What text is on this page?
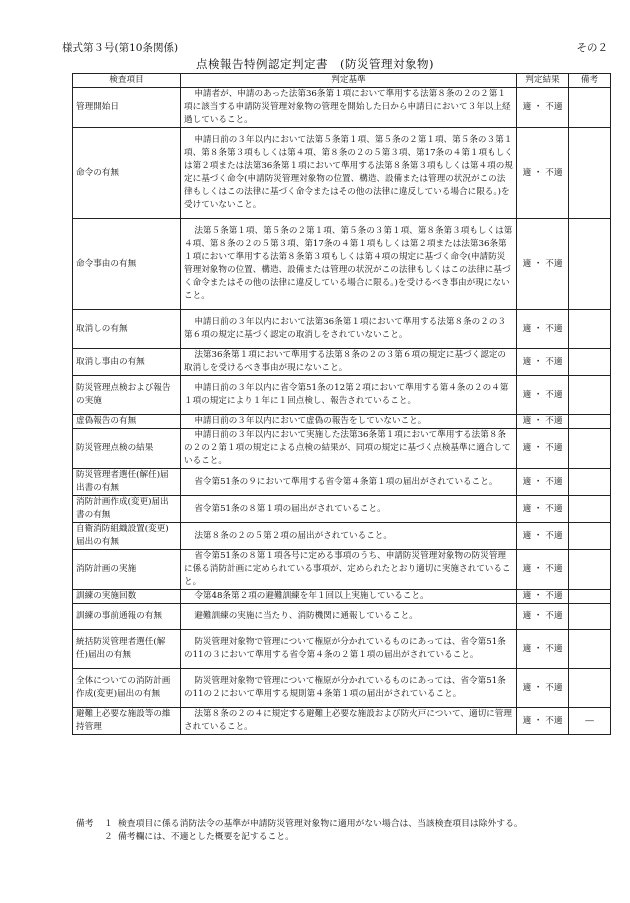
様式第３号(第10条関係)	その２
点検報告特例認定判定書　(防災管理対象物)
検査項目	判定基準	判定結果	備考
管理開始日	申請者が、申請のあった法第36条第１項において準用する法第８条の２の２第１項に該当する申請防災管理対象物の管理を開始した日から申請日において３年以上経過していること。	適 ・ 不適	
命令の有無	申請日前の３年以内において法第５条第１項、第５条の２第１項、第５条の３第１項、第８条第３項もしくは第４項、第８条の２の５第３項、第17条の４第１項もしくは第２項または法第36条第１項において準用する法第８条第３項もしくは第４項の規定に基づく命令(申請防災管理対象物の位置、構造、設備または管理の状況がこの法律もしくはこの法律に基づく命令またはその他の法律に違反している場合に限る。)を受けていないこと。	適 ・ 不適	
命令事由の有無	法第５条第１項、第５条の２第１項、第５条の３第１項、第８条第３項もしくは第４項、第８条の２の５第３項、第17条の４第１項もしくは第２項または法第36条第１項において準用する法第８条第３項もしくは第４項の規定に基づく命令(申請防災管理対象物の位置、構造、設備または管理の状況がこの法律もしくはこの法律に基づく命令またはその他の法律に違反している場合に限る。)を受けるべき事由が現にないこと。	適 ・ 不適	
取消しの有無	申請日前の３年以内において法第36条第１項において準用する法第８条の２の３第６項の規定に基づく認定の取消しをされていないこと。	適 ・ 不適	
取消し事由の有無	法第36条第１項において準用する法第８条の２の３第６項の規定に基づく認定の取消しを受けるべき事由が現にないこと。	適 ・ 不適	
防災管理点検および報告の実施	申請日前の３年以内に省令第51条の12第２項において準用する第４条の２の４第１項の規定により１年に１回点検し、報告されていること。	適 ・ 不適	
虚偽報告の有無	申請日前の３年以内において虚偽の報告をしていないこと。	適 ・ 不適	
防災管理点検の結果	申請日前の３年以内において実施した法第36条第１項において準用する法第８条の２の２第１項の規定による点検の結果が、同項の規定に基づく点検基準に適合していること。	適 ・ 不適	
防災管理者選任(解任)届出書の有無	省令第51条の９において準用する省令第４条第１項の届出がされていること。	適 ・ 不適	
消防計画作成(変更)届出書の有無	省令第51条の８第１項の届出がされていること。	適 ・ 不適	
自衛消防組織設置(変更)届出の有無	法第８条の２の５第２項の届出がされていること。	適 ・ 不適	
消防計画の実施	省令第51条の８第１項各号に定める事項のうち、申請防災管理対象物の防災管理に係る消防計画に定められている事項が、定められたとおり適切に実施されていること。	適 ・ 不適	
訓練の実施回数	令第48条第２項の避難訓練を年１回以上実施していること。	適 ・ 不適	
訓練の事前通報の有無	避難訓練の実施に当たり、消防機関に通報していること。	適 ・ 不適	
統括防災管理者選任(解任)届出の有無	防災管理対象物で管理について権原が分かれているものにあっては、省令第51条の11の３において準用する省令第４条の２第１項の届出がされていること。	適 ・ 不適	
全体についての消防計画作成(変更)届出の有無	防災管理対象物で管理について権原が分かれているものにあっては、省令第51条の11の２において準用する規則第４条第１項の届出がされていること。	適 ・ 不適	
避難上必要な施設等の維持管理	法第８条の２の４に規定する避難上必要な施設および防火戸について、適切に管理されていること。	適 ・ 不適	―
備考	１ 検査項目に係る消防法令の基準が申請防災管理対象物に適用がない場合は、当該検査項目は除外する。
２ 備考欄には、不適とした概要を記すること。
